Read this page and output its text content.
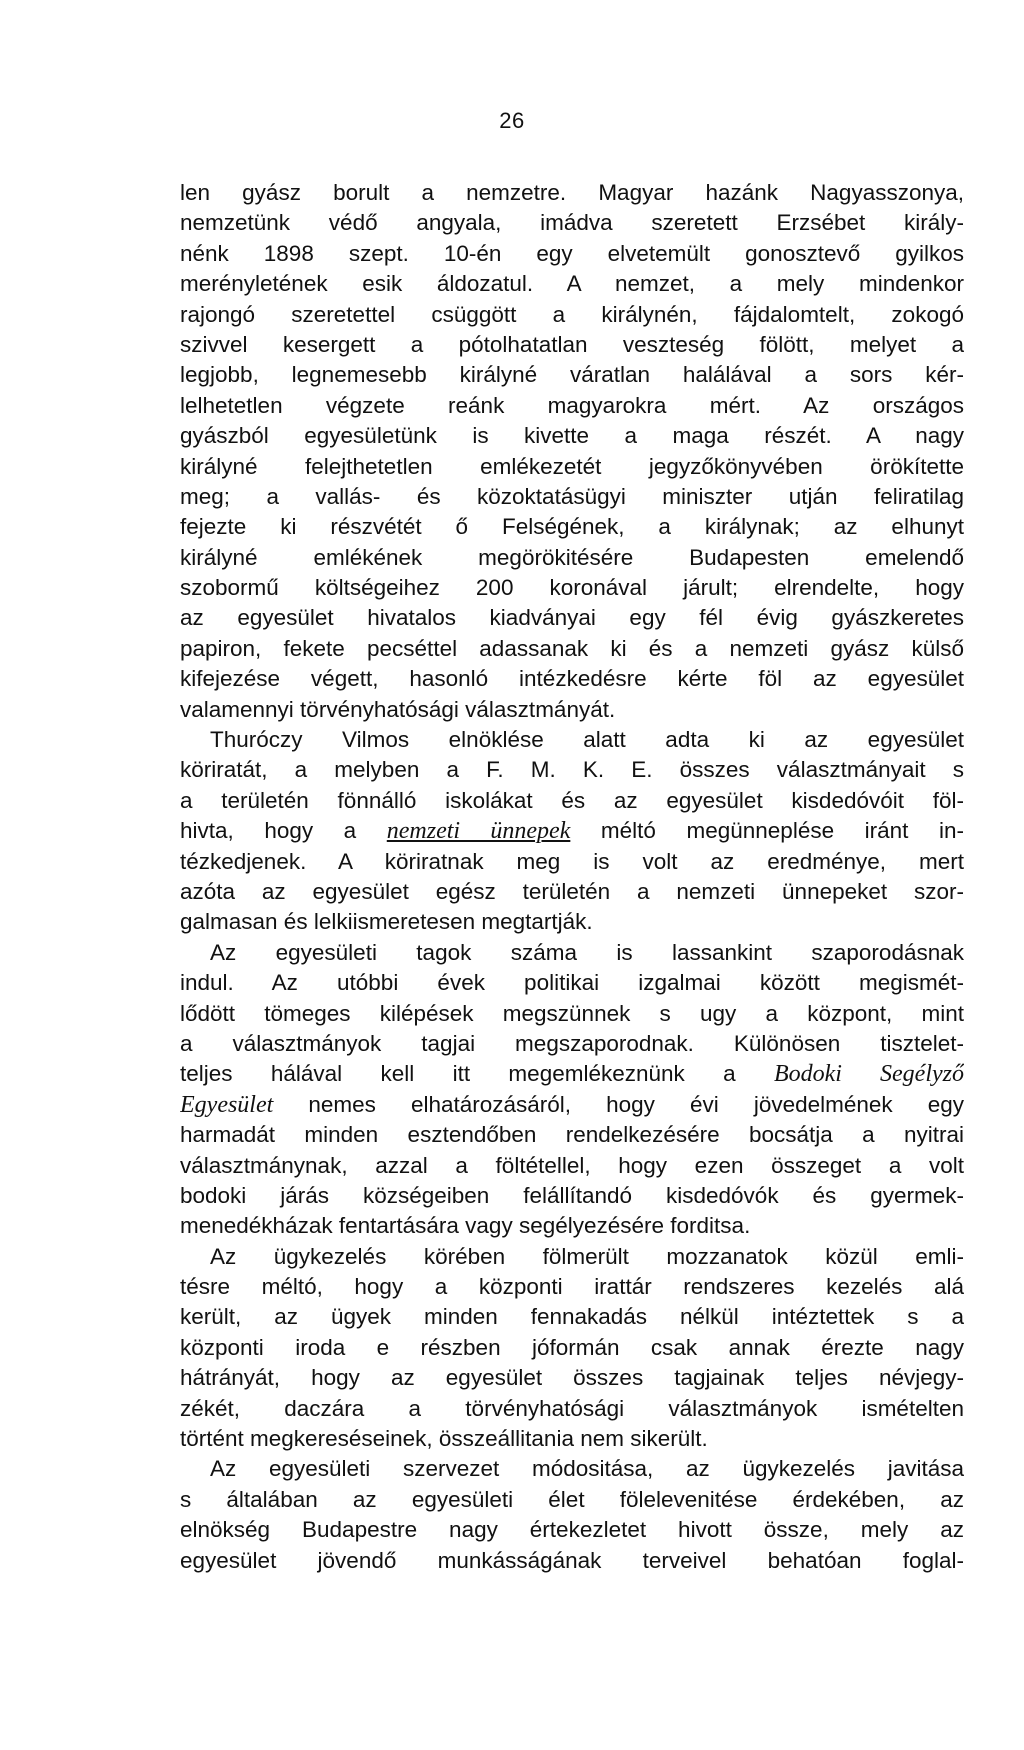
26
len gyász borult a nemzetre. Magyar hazánk Nagyasszonya,
nemzetünk védő angyala, imádva szeretett Erzsébet király-
nénk 1898 szept. 10-én egy elvetemült gonosztevő gyilkos
merényletének esik áldozatul. A nemzet, a mely mindenkor
rajongó szeretettel csüggött a királynén, fájdalomtelt, zokogó
szivvel kesergett a pótolhatatlan veszteség fölött, melyet a
legjobb, legnemesebb királyné váratlan halálával a sors kér-
lelhetetlen végzete reánk magyarokra mért. Az országos
gyászból egyesületünk is kivette a maga részét. A nagy
királyné felejthetetlen emlékezetét jegyzőkönyvében örökítette
meg; a vallás- és közoktatásügyi miniszter utján feliratilag
fejezte ki részvétét ő Felségének, a királynak; az elhunyt
királyné emlékének megörökitésére Budapesten emelendő
szobormű költségeihez 200 koronával járult; elrendelte, hogy
az egyesület hivatalos kiadványai egy fél évig gyászkeretes
papiron, fekete pecséttel adassanak ki és a nemzeti gyász külső
kifejezése végett, hasonló intézkedésre kérte föl az egyesület
valamennyi törvényhatósági választmányát.
Thuróczy Vilmos elnöklése alatt adta ki az egyesület
köriratát, a melyben a F. M. K. E. összes választmányait s
a területén fönnálló iskolákat és az egyesület kisdedóvóit föl-
hivta, hogy a nemzeti ünnepek méltó megünneplése iránt in-
tézkedjenek. A köriratnak meg is volt az eredménye, mert
azóta az egyesület egész területén a nemzeti ünnepeket szor-
galmasan és lelkiismeretesen megtartják.
Az egyesületi tagok száma is lassankint szaporodásnak
indul. Az utóbbi évek politikai izgalmai között megismét-
lődött tömeges kilépések megszünnek s ugy a központ, mint
a választmányok tagjai megszaporodnak. Különösen tisztelet-
teljes hálával kell itt megemlékeznünk a Bodoki Segélyző
Egyesület nemes elhatározásáról, hogy évi jövedelmének egy
harmadát minden esztendőben rendelkezésére bocsátja a nyitrai
választmánynak, azzal a föltétellel, hogy ezen összeget a volt
bodoki járás községeiben felállítandó kisdedóvók és gyermek-
menedékházak fentartására vagy segélyezésére forditsa.
Az ügykezelés körében fölmerült mozzanatok közül emli-
tésre méltó, hogy a központi irattár rendszeres kezelés alá
került, az ügyek minden fennakadás nélkül intéztettek s a
központi iroda e részben jóformán csak annak érezte nagy
hátrányát, hogy az egyesület összes tagjainak teljes névjegy-
zékét, daczára a törvényhatósági választmányok ismételten
történt megkereséseinek, összeállitania nem sikerült.
Az egyesületi szervezet módositása, az ügykezelés javitása
s általában az egyesületi élet fölelevenitése érdekében, az
elnökség Budapestre nagy értekezletet hivott össze, mely az
egyesület jövendő munkásságának terveivel behatóan foglal-
